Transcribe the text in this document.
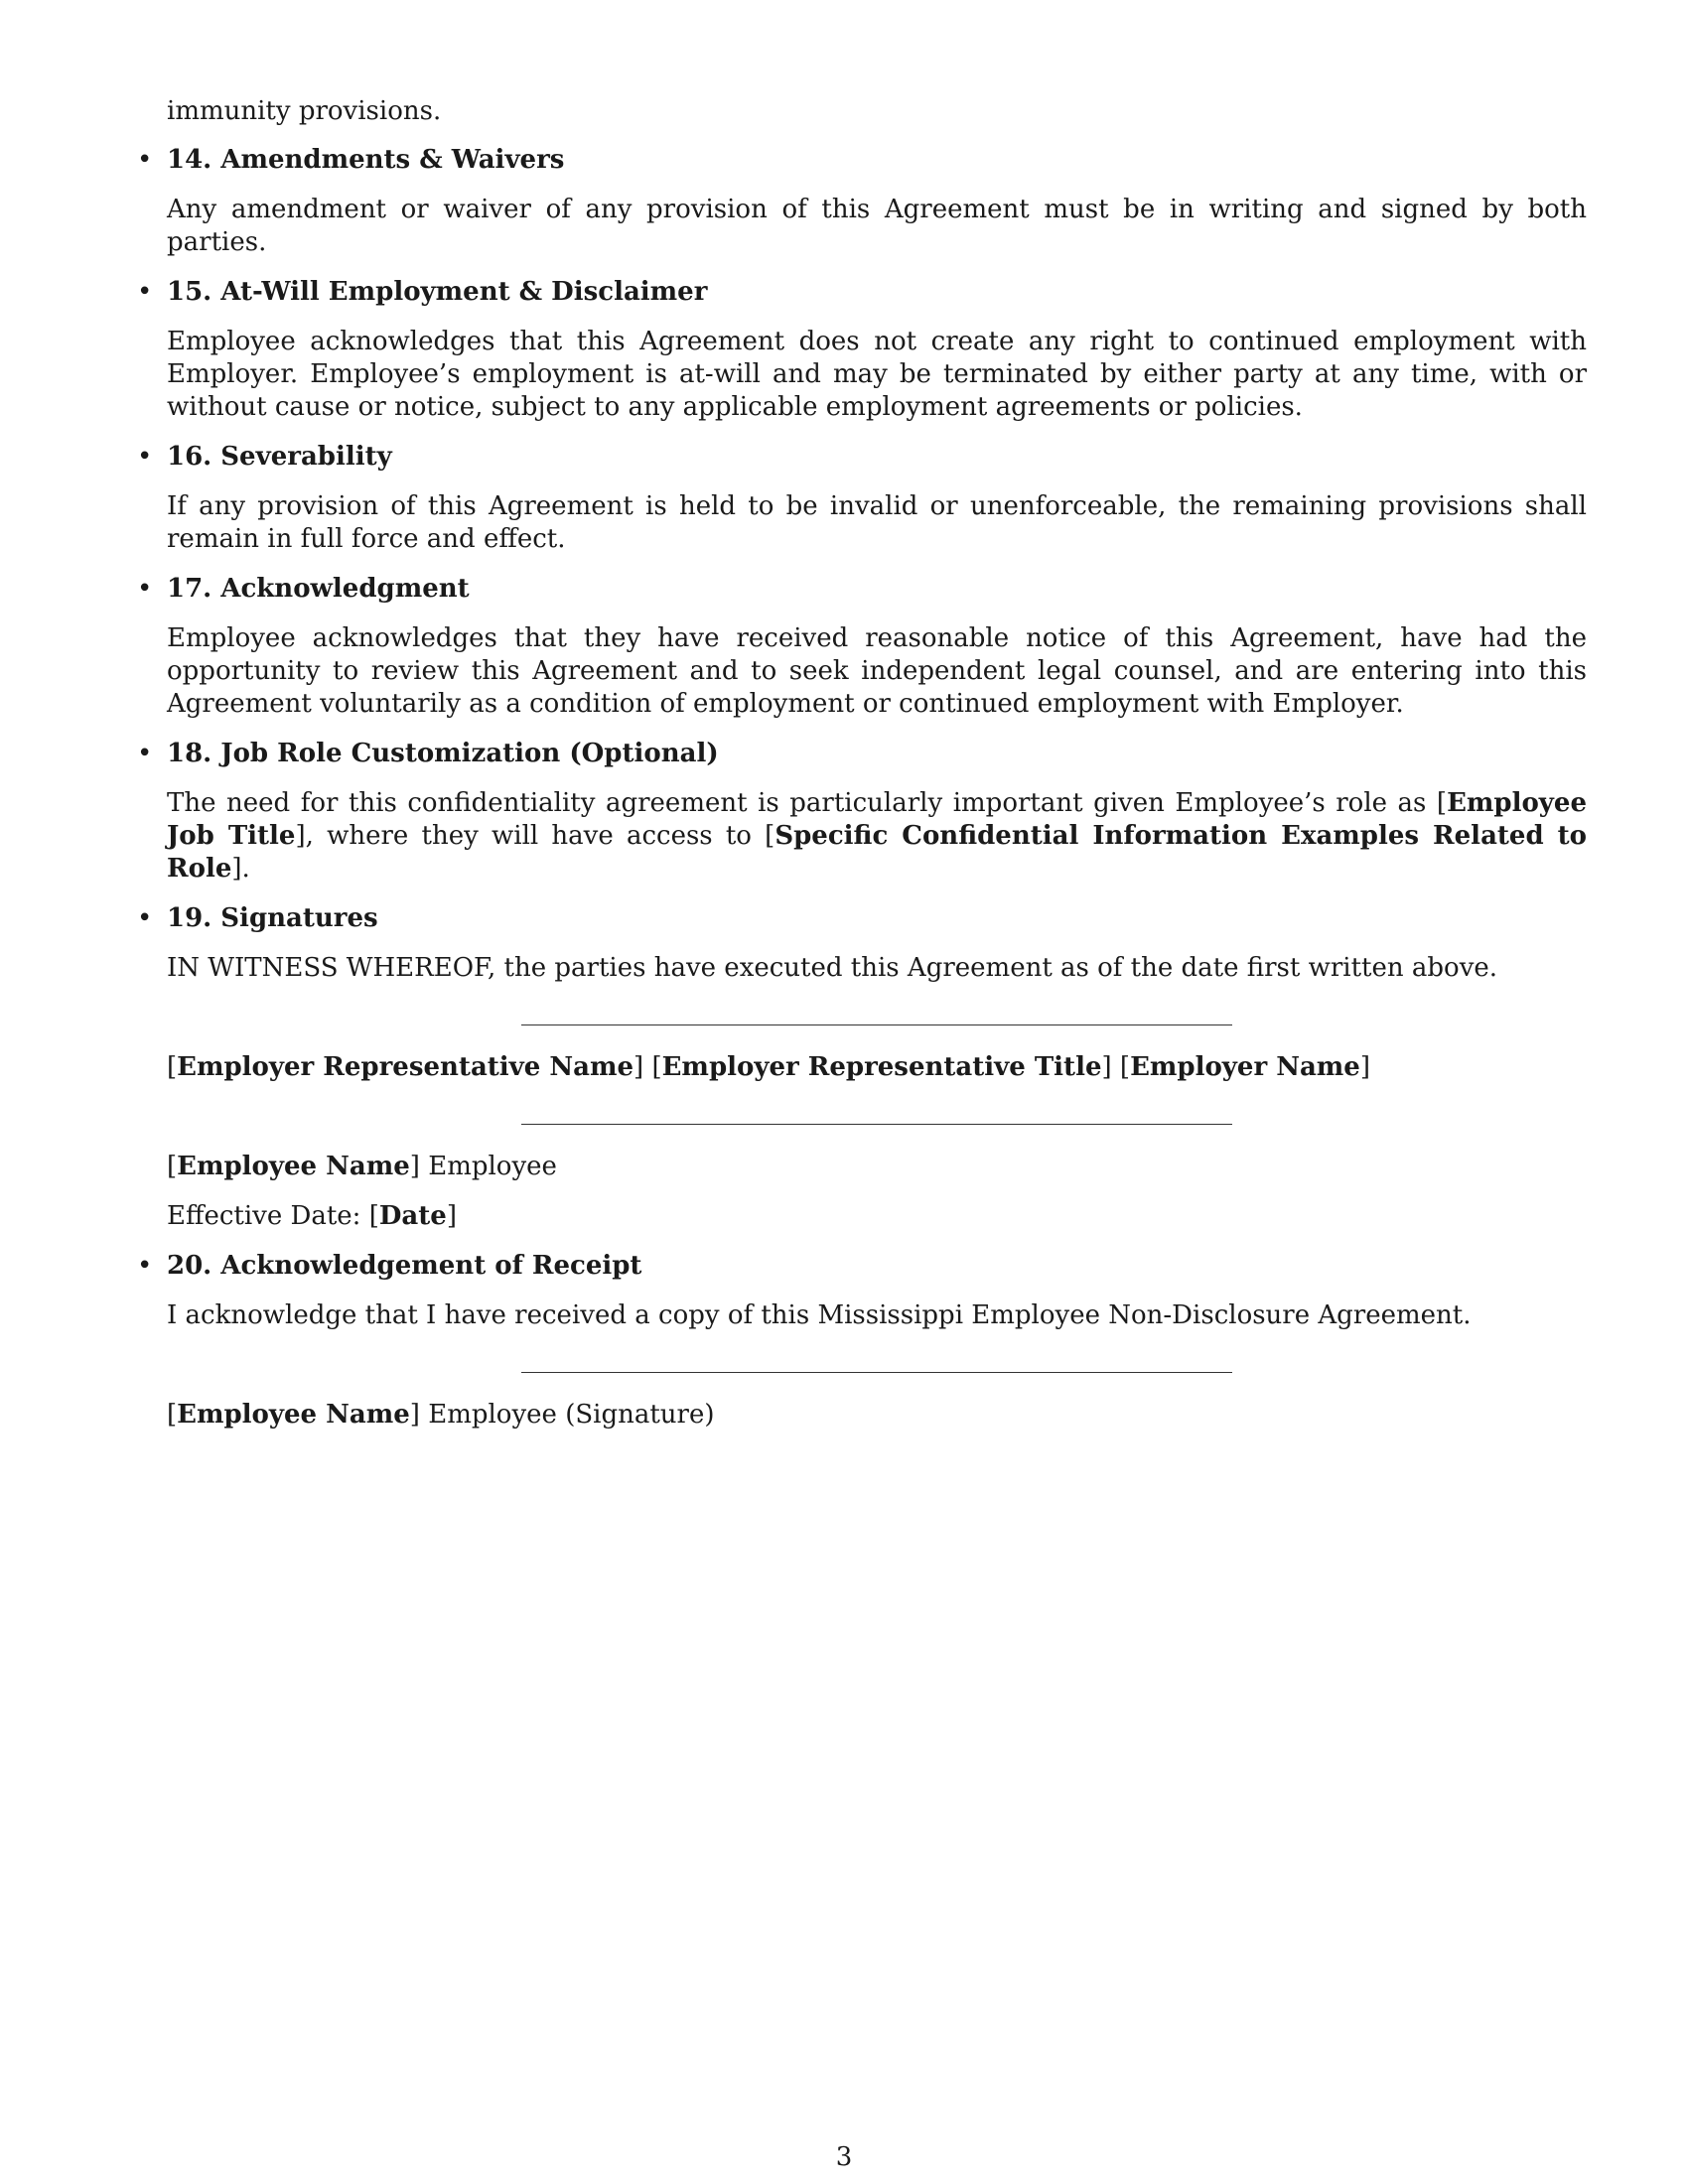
immunity provisions.

• 14. Amendments & Waivers

Any amendment or waiver of any provision of this Agreement must be in writing and signed by both parties.

• 15. At-Will Employment & Disclaimer

Employee acknowledges that this Agreement does not create any right to continued employment with Employer. Employee’s employment is at-will and may be terminated by either party at any time, with or without cause or notice, subject to any applicable employment agreements or policies.

• 16. Severability

If any provision of this Agreement is held to be invalid or unenforceable, the remaining provisions shall remain in full force and effect.

• 17. Acknowledgment

Employee acknowledges that they have received reasonable notice of this Agreement, have had the opportunity to review this Agreement and to seek independent legal counsel, and are entering into this Agreement voluntarily as a condition of employment or continued employment with Employer.

• 18. Job Role Customization (Optional)

The need for this confidentiality agreement is particularly important given Employee’s role as [Employee Job Title], where they will have access to [Specific Confidential Information Examples Related to Role].

• 19. Signatures

IN WITNESS WHEREOF, the parties have executed this Agreement as of the date first written above.

[Employer Representative Name] [Employer Representative Title] [Employer Name]

[Employee Name] Employee

Effective Date: [Date]

• 20. Acknowledgement of Receipt

I acknowledge that I have received a copy of this Mississippi Employee Non-Disclosure Agreement.

[Employee Name] Employee (Signature)

3
